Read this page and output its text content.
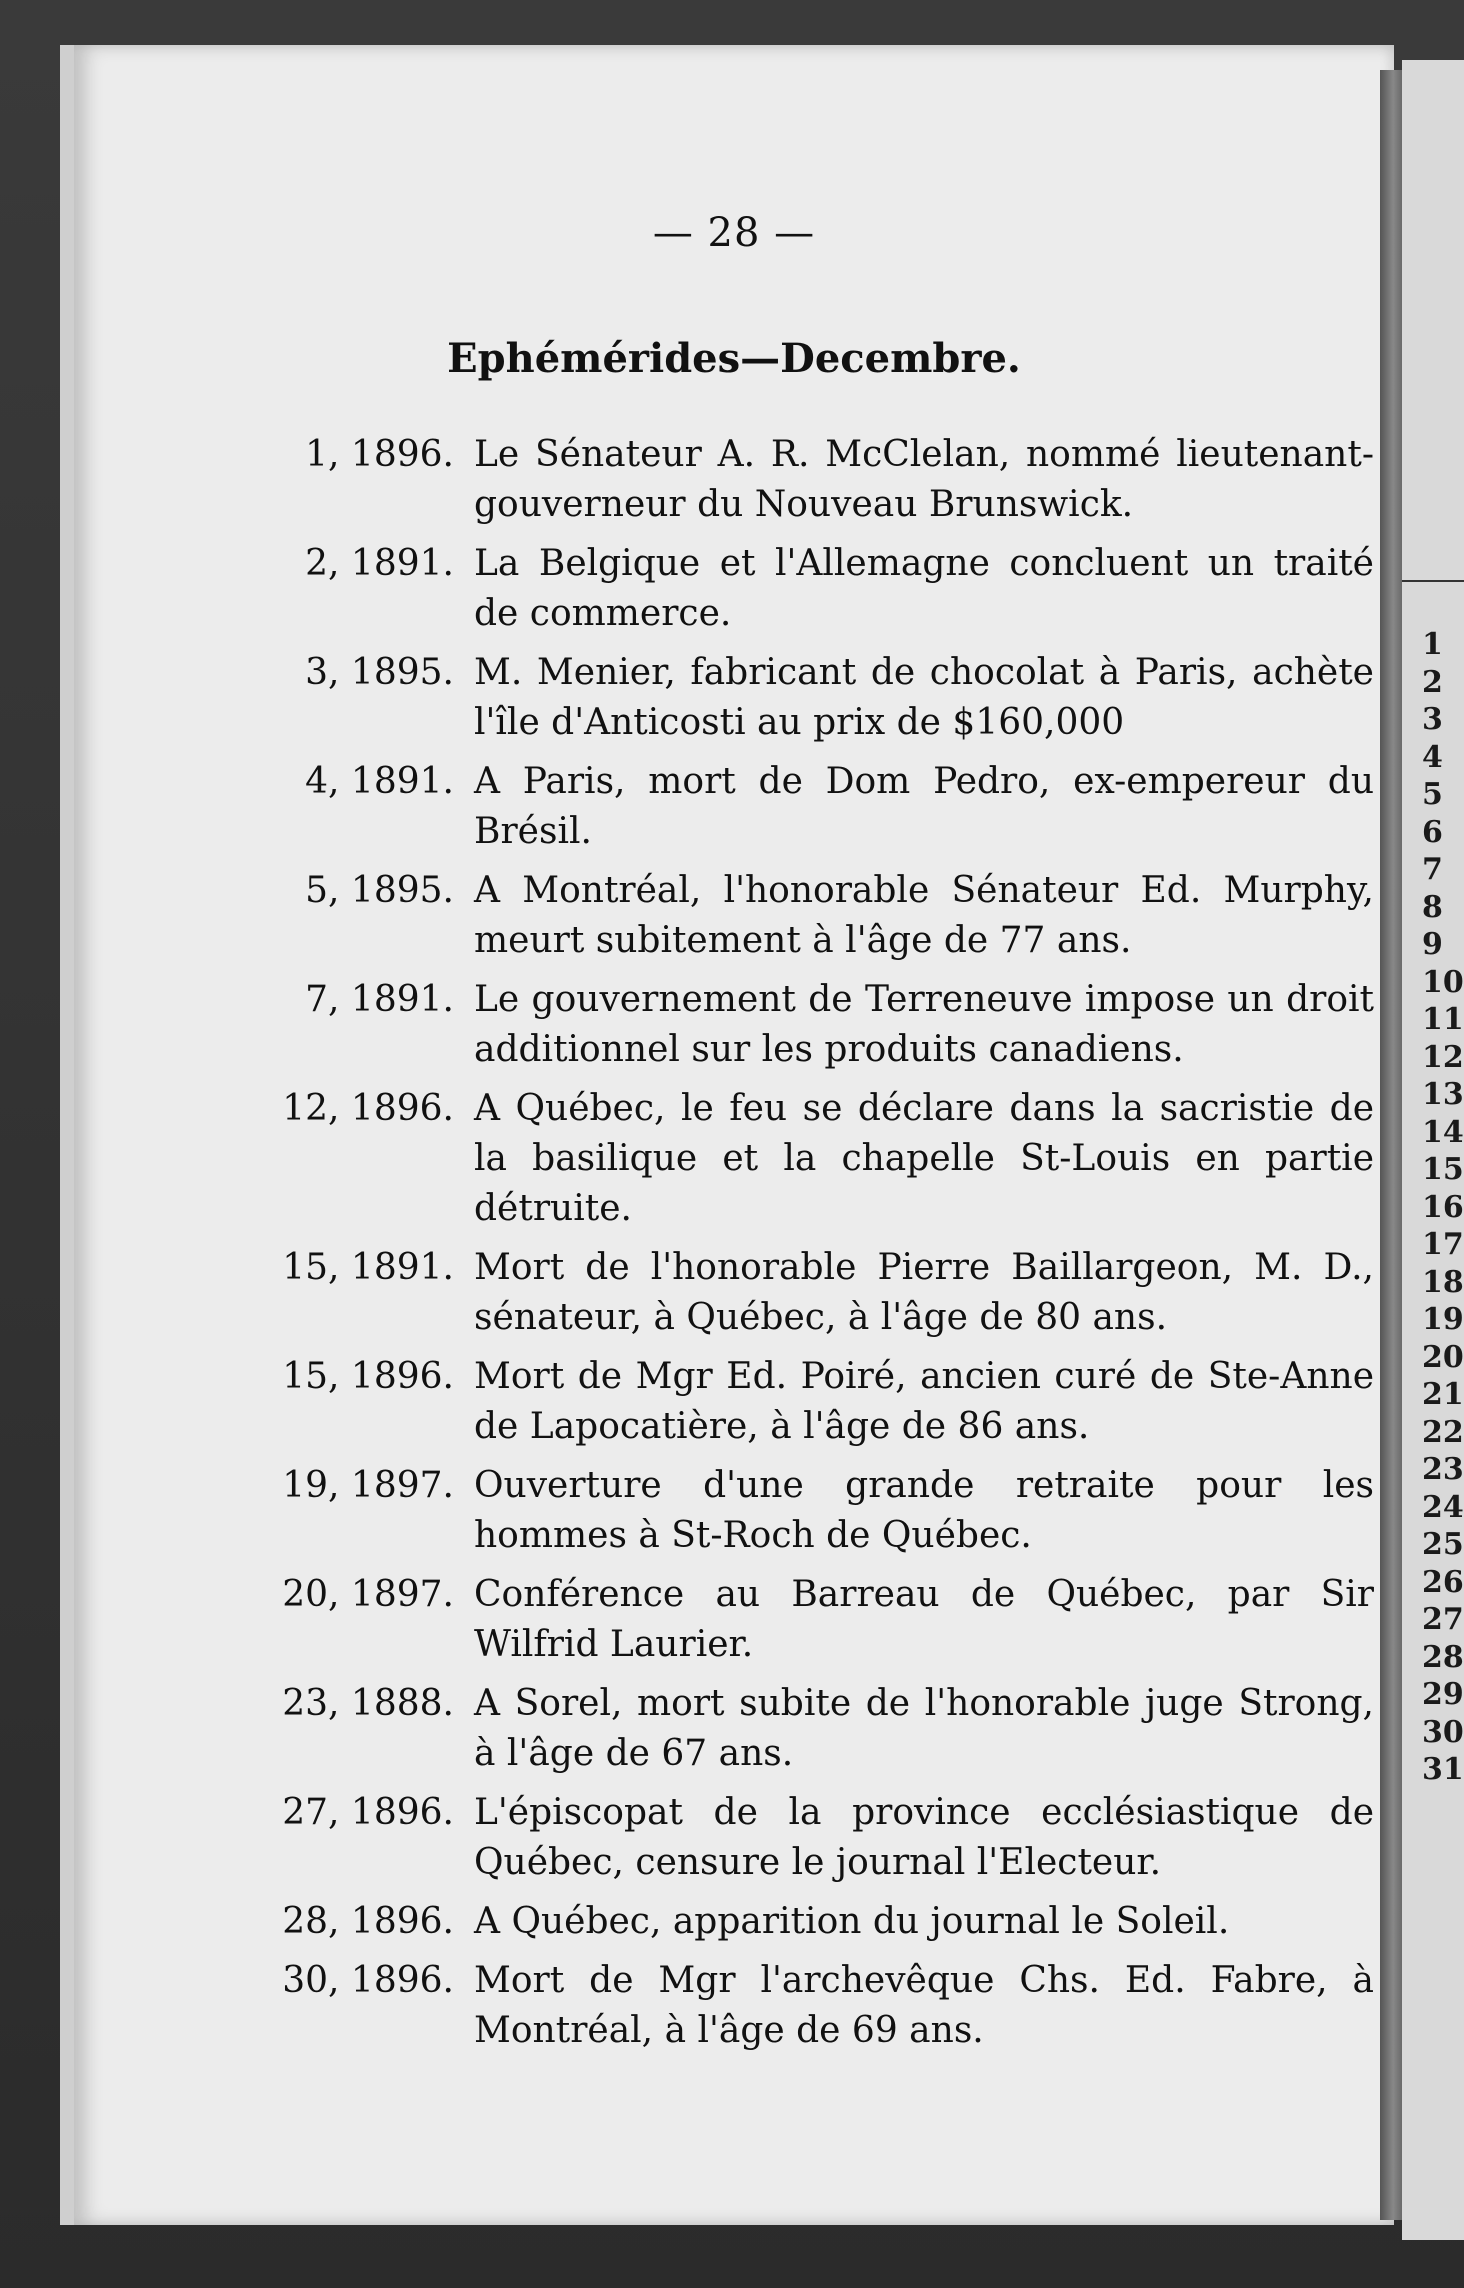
— 28 —
Ephémérides—Decembre.
1, 1896. Le Sénateur A. R. McClelan, nommé lieutenant-gouverneur du Nouveau Brunswick.
2, 1891. La Belgique et l'Allemagne concluent un traité de commerce.
3, 1895. M. Menier, fabricant de chocolat à Paris, achète l'île d'Anticosti au prix de $160,000
4, 1891. A Paris, mort de Dom Pedro, ex-empereur du Brésil.
5, 1895. A Montréal, l'honorable Sénateur Ed. Murphy, meurt subitement à l'âge de 77 ans.
7, 1891. Le gouvernement de Terreneuve impose un droit additionnel sur les produits canadiens.
12, 1896. A Québec, le feu se déclare dans la sacristie de la basilique et la chapelle St-Louis en partie détruite.
15, 1891. Mort de l'honorable Pierre Baillargeon, M. D., sénateur, à Québec, à l'âge de 80 ans.
15, 1896. Mort de Mgr Ed. Poiré, ancien curé de Ste-Anne de Lapocatière, à l'âge de 86 ans.
19, 1897. Ouverture d'une grande retraite pour les hommes à St-Roch de Québec.
20, 1897. Conférence au Barreau de Québec, par Sir Wilfrid Laurier.
23, 1888. A Sorel, mort subite de l'honorable juge Strong, à l'âge de 67 ans.
27, 1896. L'épiscopat de la province ecclésiastique de Québec, censure le journal l'Electeur.
28, 1896. A Québec, apparition du journal le Soleil.
30, 1896. Mort de Mgr l'archevêque Chs. Ed. Fabre, à Montréal, à l'âge de 69 ans.
1
2
3
4
5
6
7
8
9
10
11
12
13
14
15
16
17
18
19
20
21
22
23
24
25
26
27
28
29
30
31
